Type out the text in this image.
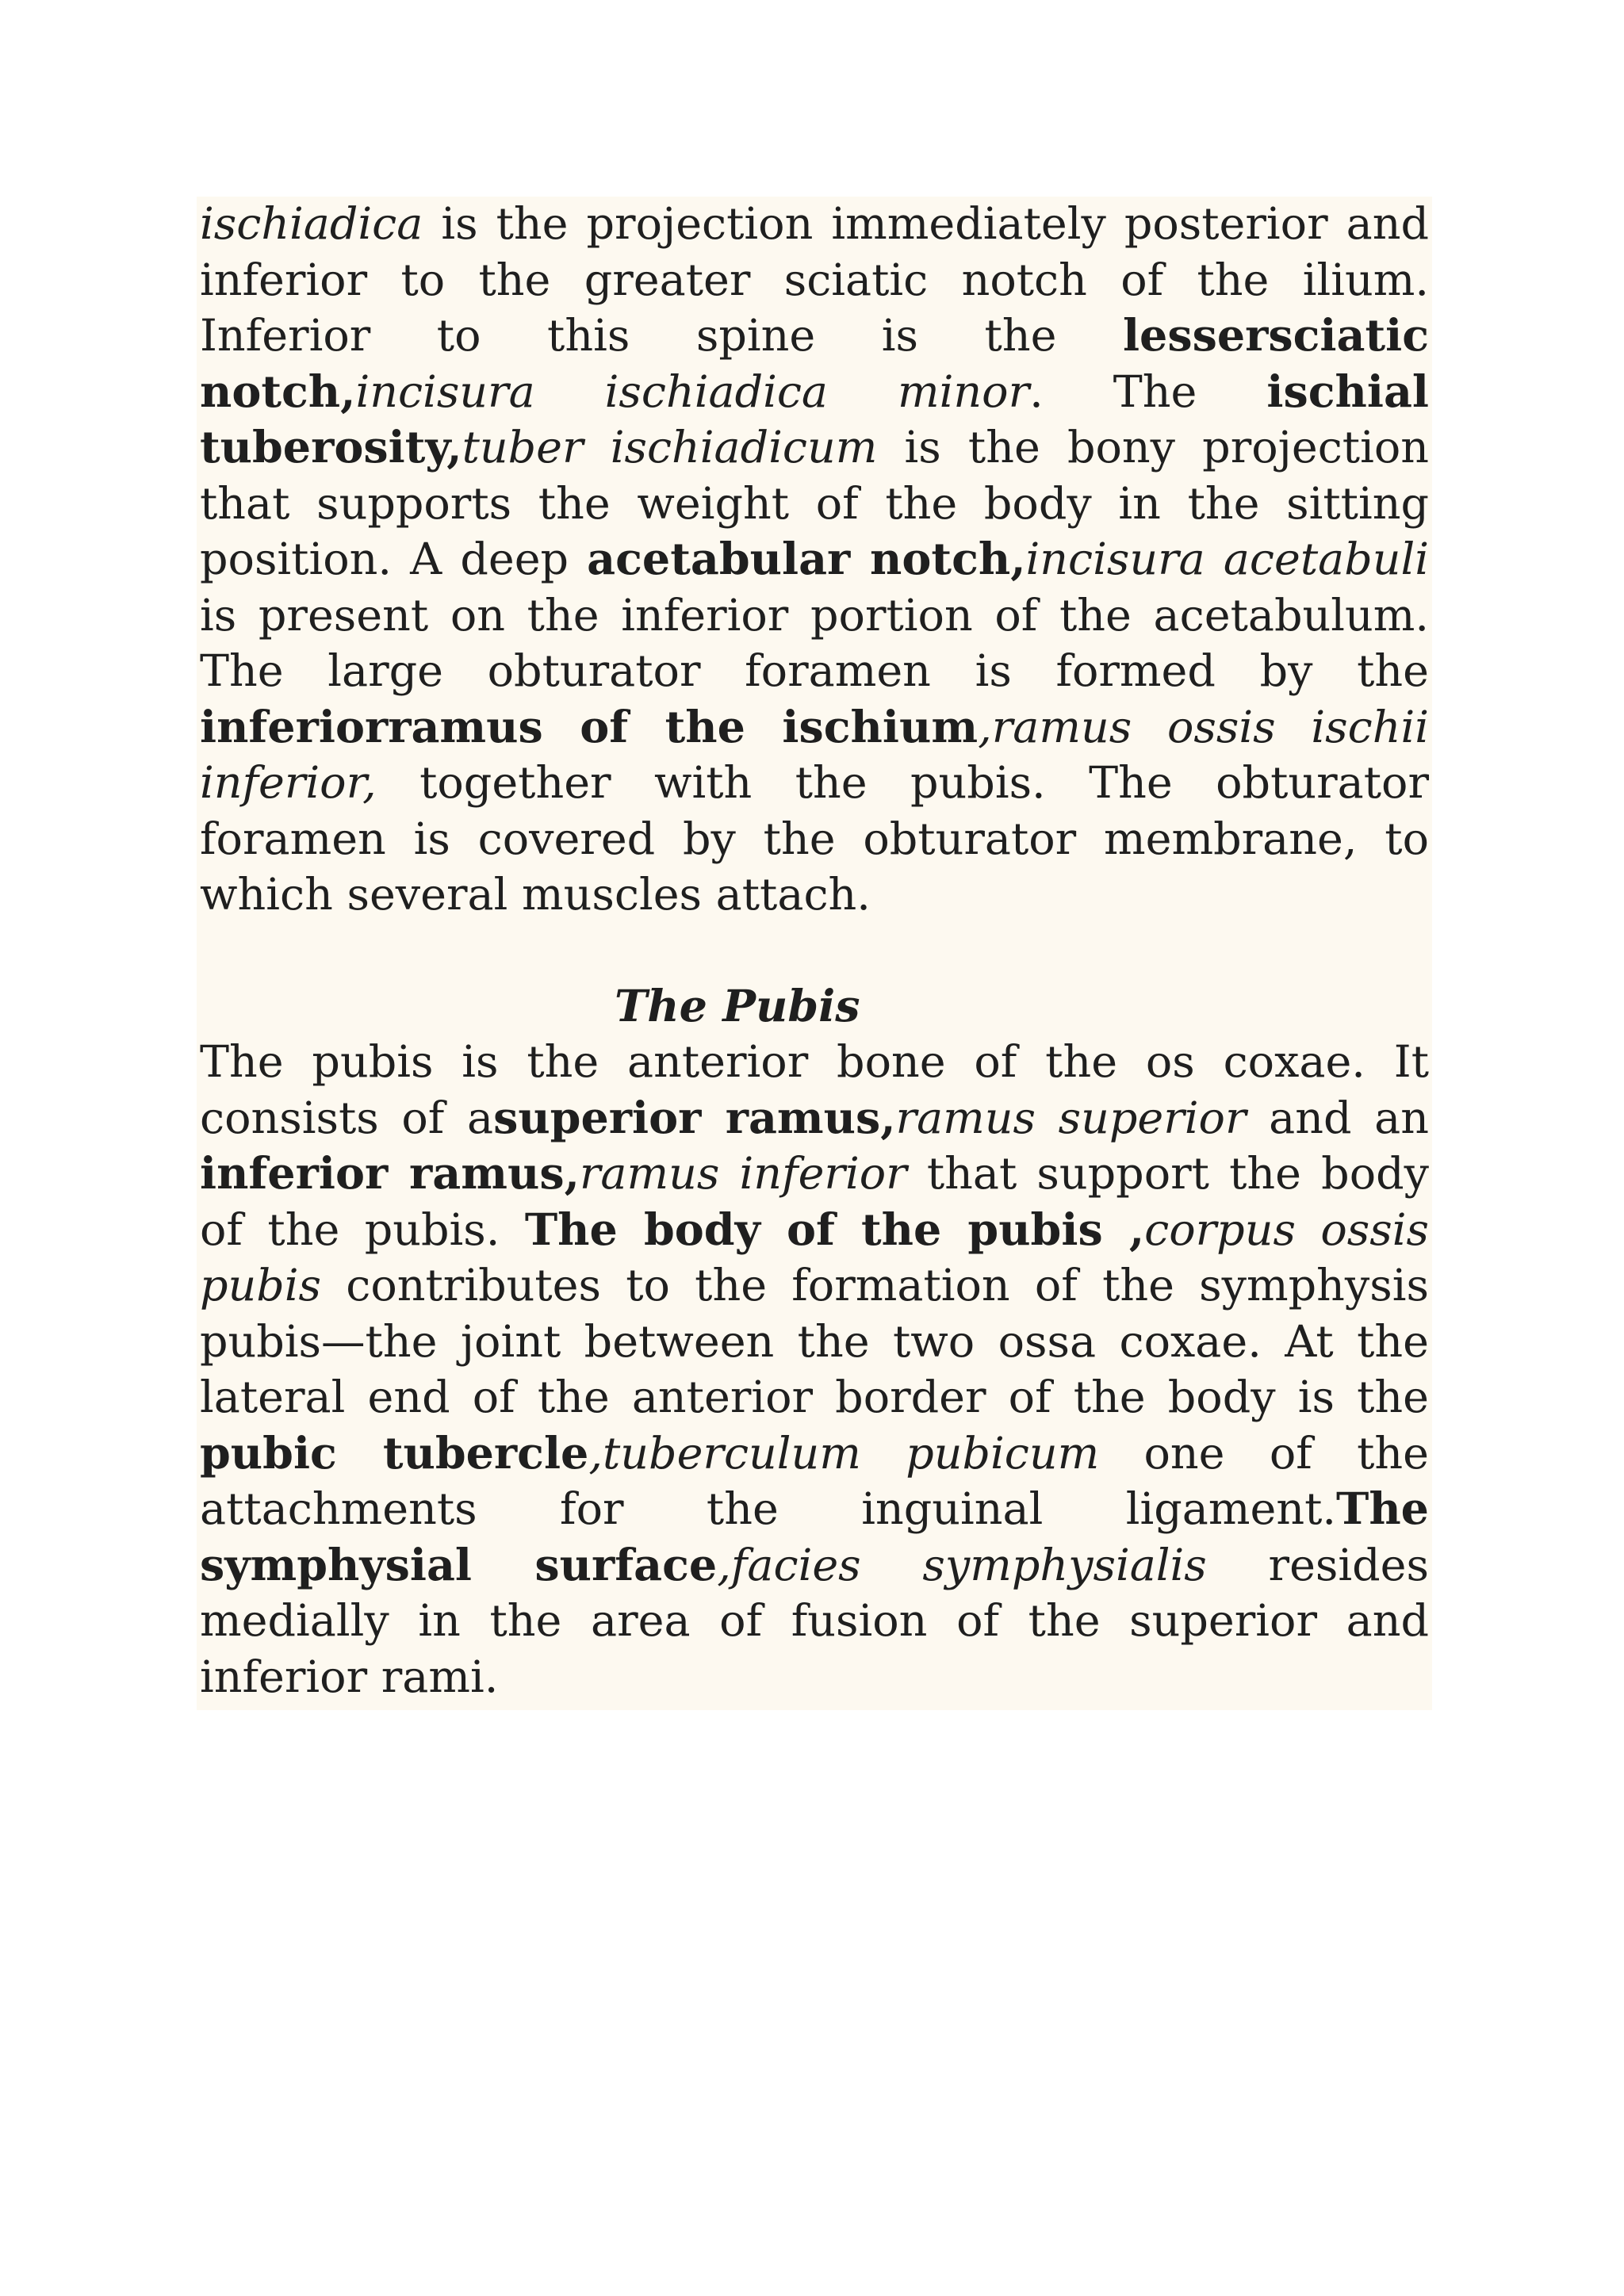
ischiadica is the projection immediately posterior and inferior to the greater sciatic notch of the ilium. Inferior to this spine is the lessersciatic notch,incisura ischiadica minor. The ischial tuberosity,tuber ischiadicum is the bony projection that supports the weight of the body in the sitting position. A deep acetabular notch,incisura acetabuli is present on the inferior portion of the acetabulum. The large obturator foramen is formed by the inferiorramus of the ischium,ramus ossis ischii inferior, together with the pubis. The obturator foramen is covered by the obturator membrane, to which several muscles attach.

The Pubis

The pubis is the anterior bone of the os coxae. It consists of asuperior ramus,ramus superior and an inferior ramus,ramus inferior that support the body of the pubis. The body of the pubis ,corpus ossis pubis contributes to the formation of the symphysis pubis—the joint between the two ossa coxae. At the lateral end of the anterior border of the body is the pubic tubercle,tuberculum pubicum one of the attachments for the inguinal ligament.The symphysial surface,facies symphysialis resides medially in the area of fusion of the superior and inferior rami.
